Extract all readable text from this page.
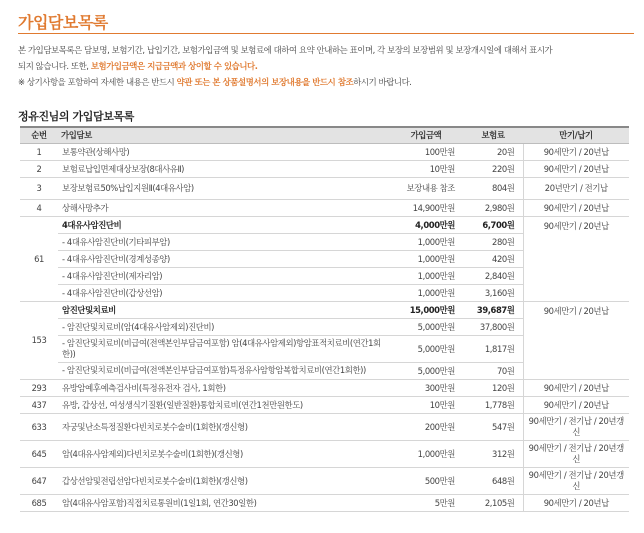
가입담보목록
본 가입담보목록은 담보명, 보험기간, 납입기간, 보험가입금액 및 보험료에 대하여 요약 안내하는 표이며, 각 보장의 보장범위 및 보장개시일에 대해서 표시가
되지 않습니다. 또한, 보험가입금액은 지급금액과 상이할 수 있습니다.
※ 상기사항을 포함하여 자세한 내용은 반드시 약관 또는 본 상품설명서의 보장내용을 반드시 참조하시기 바랍니다.
정유진님의 가입담보목록
순번	가입담보	가입금액	보험료	만기/납기
1	보통약관(상해사망)	100만원	20원	90세만기 / 20년납
2	보험료납입면제대상보장(8대사유Ⅱ)	10만원	220원	90세만기 / 20년납
3	보장보험료50%납입지원Ⅱ(4대유사암)	보장내용 참조	804원	20년만기 / 전기납
4	상해사망추가	14,900만원	2,980원	90세만기 / 20년납
61	4대유사암진단비	4,000만원	6,700원	90세만기 / 20년납
	- 4대유사암진단비(기타피부암)	1,000만원	280원	
	- 4대유사암진단비(경계성종양)	1,000만원	420원	
	- 4대유사암진단비(제자리암)	1,000만원	2,840원	
	- 4대유사암진단비(갑상선암)	1,000만원	3,160원	
153	암진단및치료비	15,000만원	39,687원	90세만기 / 20년납
	- 암진단및치료비(암(4대유사암제외)진단비)	5,000만원	37,800원	
	- 암진단및치료비(비급여(전액본인부담금여포함) 암(4대유사암제외)항암표적치료비(연간1회한))	5,000만원	1,817원	
	- 암진단및치료비(비급여(전액본인부담금여포함)특정유사암항암복합치료비(연간1회한))	5,000만원	70원	
293	유방암예후예측검사비(특정유전자 검사, 1회한)	300만원	120원	90세만기 / 20년납
437	유방, 갑상선, 여성생식기질환(일반질환)통합치료비(연간1천만원한도)	10만원	1,778원	90세만기 / 20년납
633	자궁및난소특정질환다빈치로봇수술비(1회한)(갱신형)	200만원	547원	90세만기 / 전기납 / 20년갱신
645	암(4대유사암제외)다빈치로봇수술비(1회한)(갱신형)	1,000만원	312원	90세만기 / 전기납 / 20년갱신
647	갑상선암및전립선암다빈치로봇수술비(1회한)(갱신형)	500만원	648원	90세만기 / 전기납 / 20년갱신
685	암(4대유사암포함)직접치료통원비(1일1회, 연간30일한)	5만원	2,105원	90세만기 / 20년납
